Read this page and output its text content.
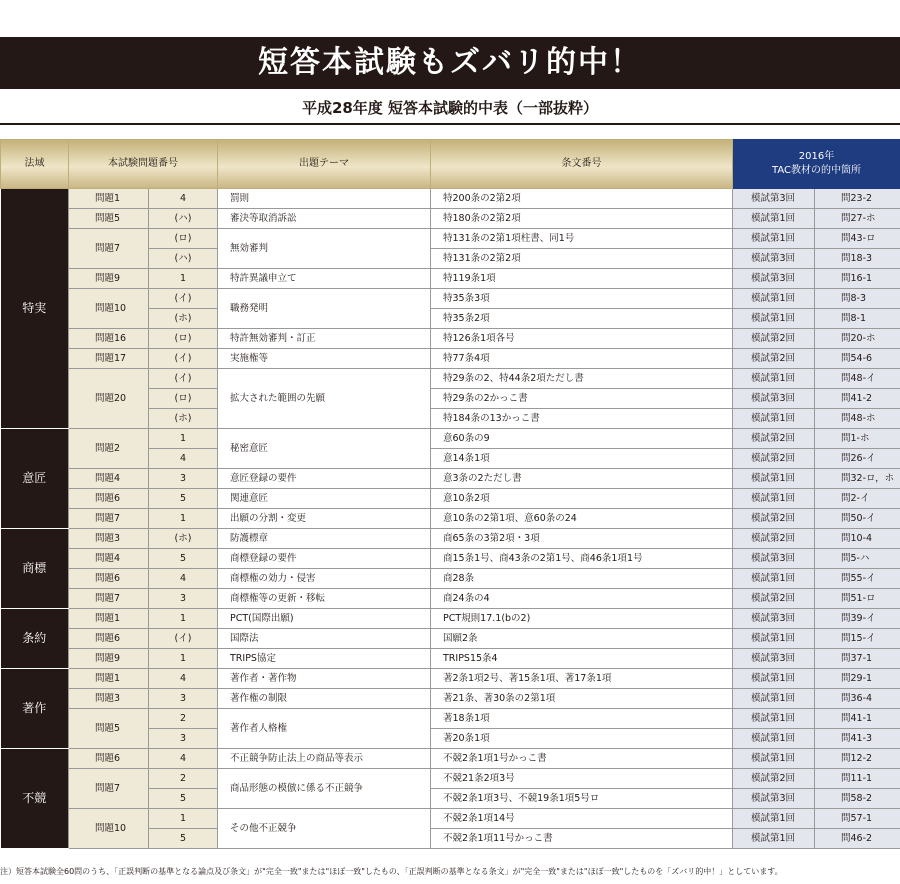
短答本試験もズバリ的中！
平成28年度 短答本試験的中表（一部抜粋）
法域	本試験問題番号		出題テーマ	条文番号	2016年
TAC教材の的中箇所	

特実	問題1	4	罰則	特200条の2第2項	模試第3回	問23-2
	問題5	(ハ)	審決等取消訴訟	特180条の2第2項	模試第1回	問27-ホ
	問題7	(ロ)	無効審判	特131条の2第1項柱書、同1号	模試第1回	問43-ロ
		(ハ)		特131条の2第2項	模試第3回	問18-3
	問題9	1	特許異議申立て	特119条1項	模試第3回	問16-1
	問題10	(イ)	職務発明	特35条3項	模試第1回	問8-3
		(ホ)		特35条2項	模試第1回	問8-1
	問題16	(ロ)	特許無効審判・訂正	特126条1項各号	模試第2回	問20-ホ
	問題17	(イ)	実施権等	特77条4項	模試第2回	問54-6
	問題20	(イ)	拡大された範囲の先願	特29条の2、特44条2項ただし書	模試第1回	問48-イ
		(ロ)		特29条の2かっこ書	模試第3回	問41-2
		(ホ)		特184条の13かっこ書	模試第1回	問48-ホ
意匠	問題2	1	秘密意匠	意60条の9	模試第2回	問1-ホ
		4		意14条1項	模試第2回	問26-イ
	問題4	3	意匠登録の要件	意3条の2ただし書	模試第1回	問32-ロ，ホ
	問題6	5	関連意匠	意10条2項	模試第1回	問2-イ
	問題7	1	出願の分割・変更	意10条の2第1項、意60条の24	模試第2回	問50-イ
商標	問題3	(ホ)	防護標章	商65条の3第2項・3項	模試第2回	問10-4
	問題4	5	商標登録の要件	商15条1号、商43条の2第1号、商46条1項1号	模試第3回	問5-ハ
	問題6	4	商標権の効力・侵害	商28条	模試第1回	問55-イ
	問題7	3	商標権等の更新・移転	商24条の4	模試第2回	問51-ロ
条約	問題1	1	PCT(国際出願)	PCT規則17.1(bの2)	模試第3回	問39-イ
	問題6	(イ)	国際法	国願2条	模試第1回	問15-イ
	問題9	1	TRIPS協定	TRIPS15条4	模試第3回	問37-1
著作	問題1	4	著作者・著作物	著2条1項2号、著15条1項、著17条1項	模試第1回	問29-1
	問題3	3	著作権の制限	著21条、著30条の2第1項	模試第1回	問36-4
	問題5	2	著作者人格権	著18条1項	模試第1回	問41-1
		3		著20条1項	模試第1回	問41-3
不競	問題6	4	不正競争防止法上の商品等表示	不競2条1項1号かっこ書	模試第1回	問12-2
	問題7	2	商品形態の模倣に係る不正競争	不競21条2項3号	模試第2回	問11-1
		5		不競2条1項3号、不競19条1項5号ロ	模試第3回	問58-2
	問題10	1	その他不正競争	不競2条1項14号	模試第1回	問57-1
		5		不競2条1項11号かっこ書	模試第1回	問46-2
注）短答本試験全60問のうち、「正誤判断の基準となる論点及び条文」が"完全一致"または"ほぼ一致"したもの、「正誤判断の基準となる条文」が"完全一致"または"ほぼ一致"したものを「ズバリ的中！」としています。
